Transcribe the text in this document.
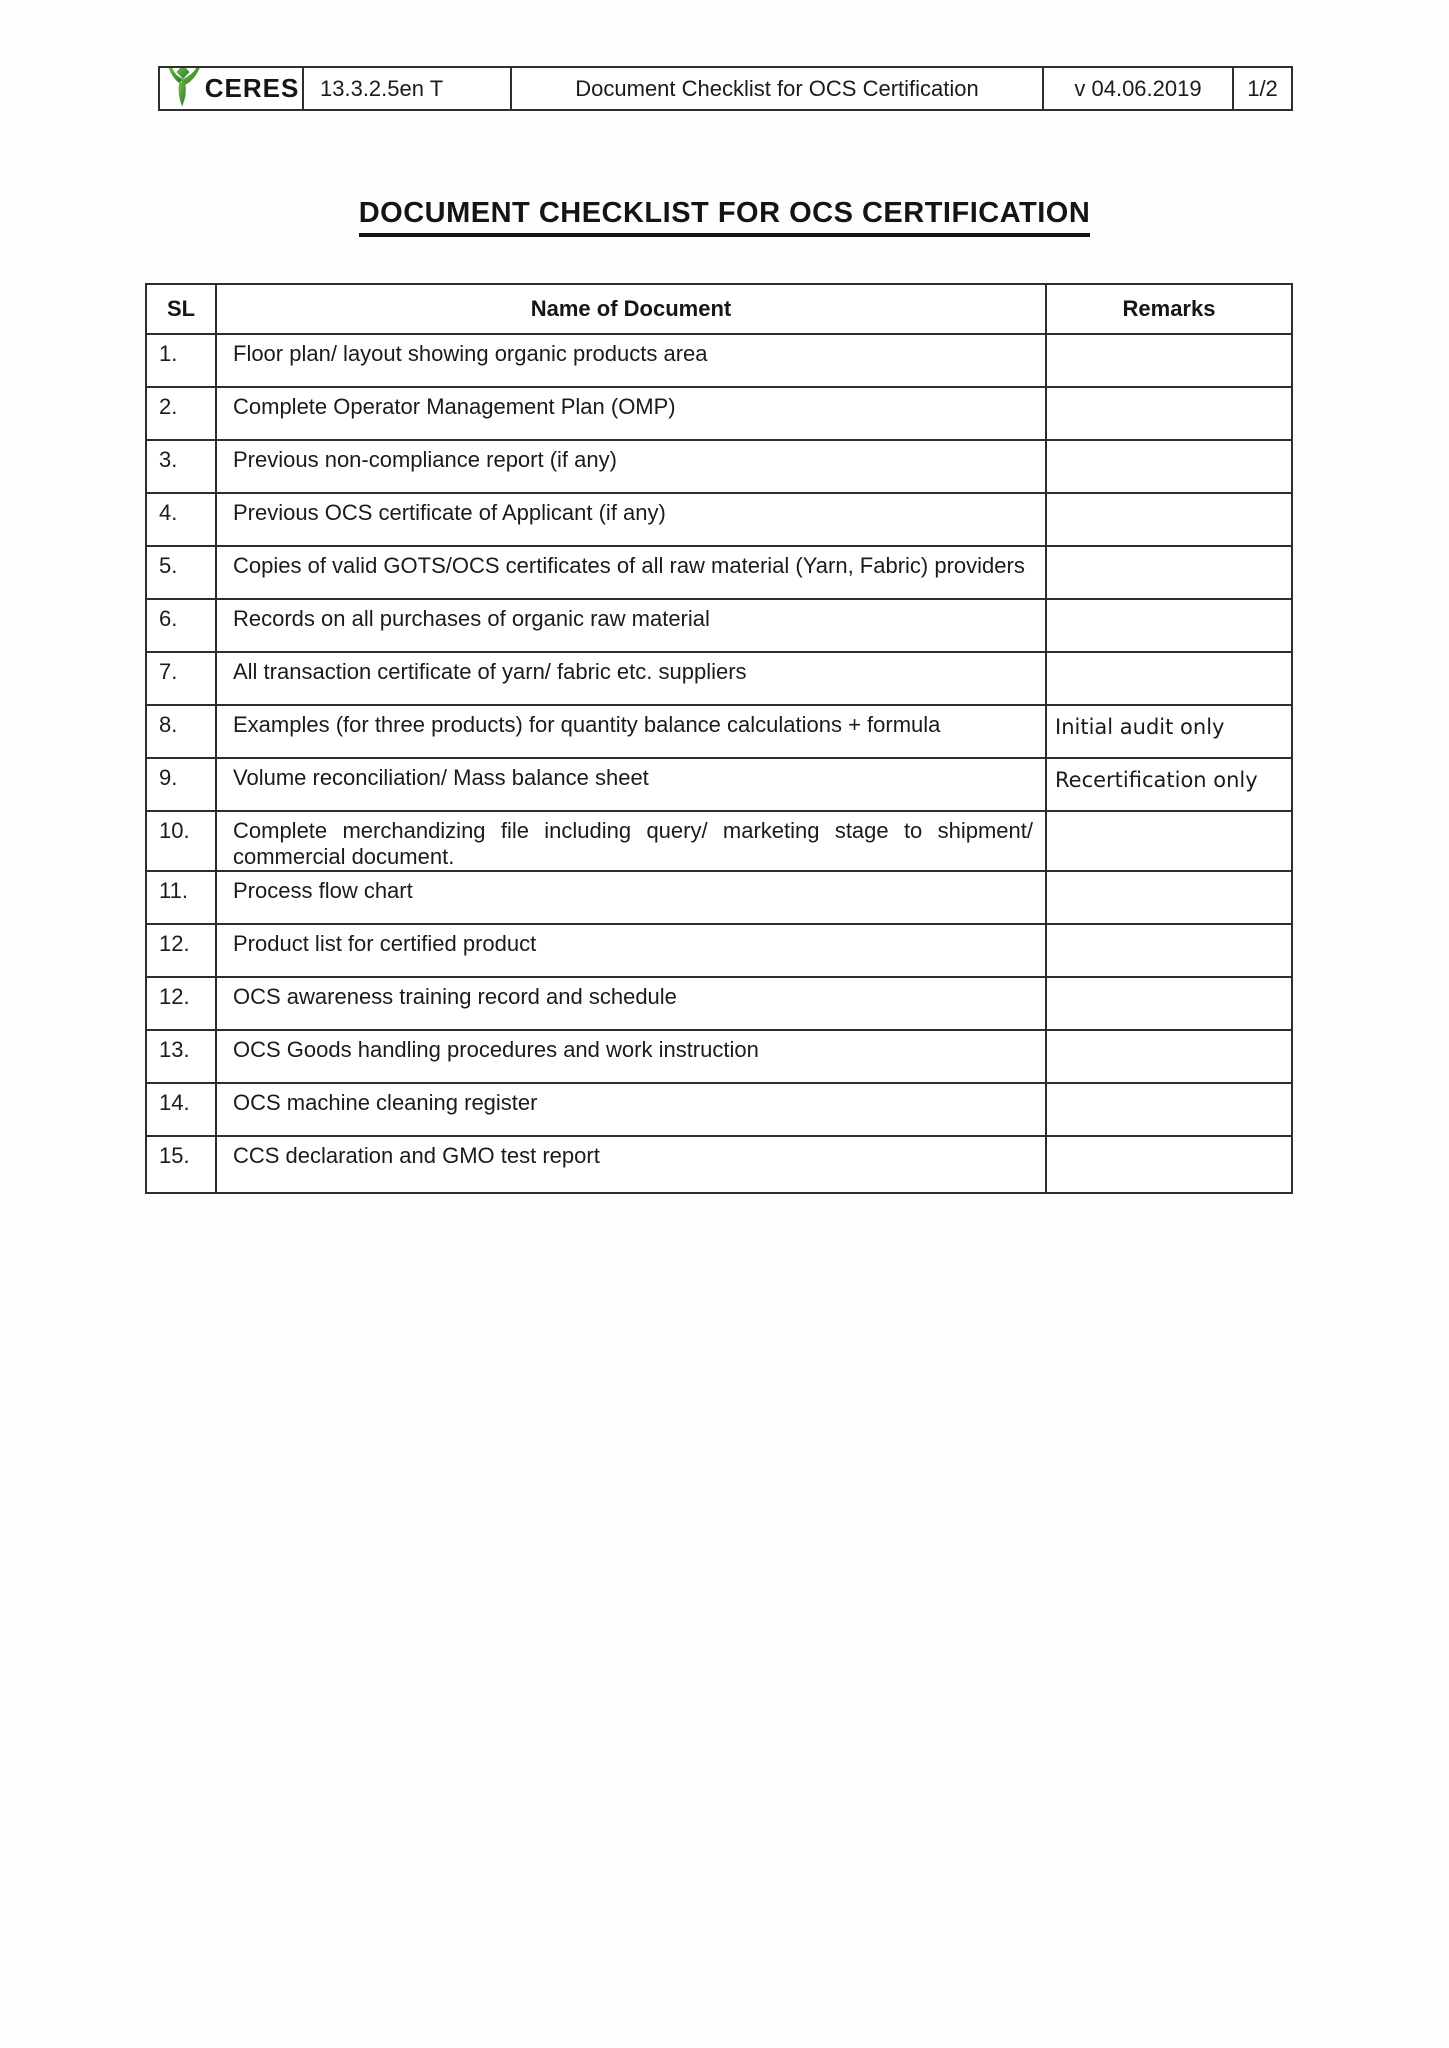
CERES 13.3.2.5en T	Document Checklist for OCS Certification	v 04.06.2019	1/2
DOCUMENT CHECKLIST FOR OCS CERTIFICATION
SL	Name of Document	Remarks
1.	Floor plan/ layout showing organic products area	
2.	Complete Operator Management Plan (OMP)	
3.	Previous non-compliance report (if any)	
4.	Previous OCS certificate of Applicant (if any)	
5.	Copies of valid GOTS/OCS certificates of all raw material (Yarn, Fabric) providers	
6.	Records on all purchases of organic raw material	
7.	All transaction certificate of yarn/ fabric etc. suppliers	
8.	Examples (for three products) for quantity balance calculations + formula	Initial audit only
9.	Volume reconciliation/ Mass balance sheet	Recertification only
10.	Complete merchandizing file including query/ marketing stage to shipment/ commercial document.	
11.	Process flow chart	
12.	Product list for certified product	
12.	OCS awareness training record and schedule	
13.	OCS Goods handling procedures and work instruction	
14.	OCS machine cleaning register	
15.	CCS declaration and GMO test report	
